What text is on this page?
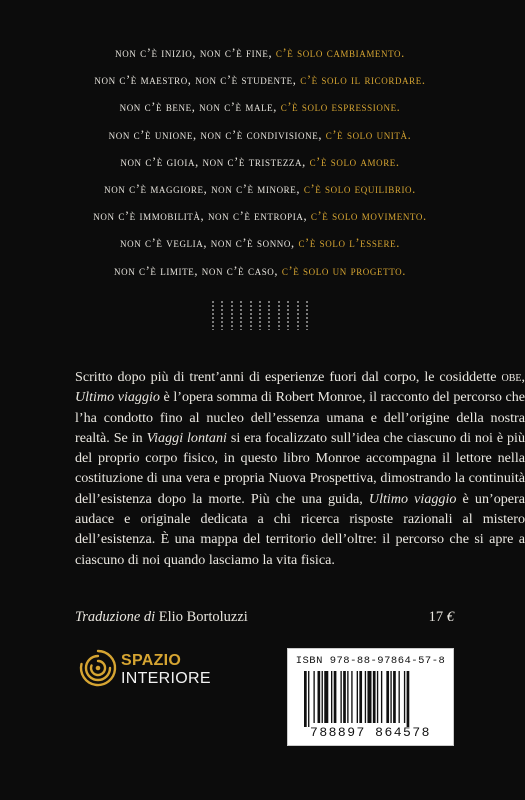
non c’è inizio, non c’è fine, c’è solo cambiamento.
non c’è maestro, non c’è studente, c’è solo il ricordare.
non c’è bene, non c’è male, c’è solo espressione.
non c’è unione, non c’è condivisione, c’è solo unità.
non c’è gioia, non c’è tristezza, c’è solo amore.
non c’è maggiore, non c’è minore, c’è solo equilibrio.
non c’è immobilità, non c’è entropia, c’è solo movimento.
non c’è veglia, non c’è sonno, c’è solo l’essere.
non c’è limite, non c’è caso, c’è solo un progetto.
Scritto dopo più di trent’anni di esperienze fuori dal corpo, le cosiddette obe, Ultimo viaggio è l’opera somma di Robert Monroe, il racconto del percorso che l’ha condotto fino al nucleo dell’essenza umana e dell’origine della nostra realtà. Se in Viaggi lontani si era focalizzato sull’idea che ciascuno di noi è più del proprio corpo fisico, in questo libro Monroe accompagna il lettore nella costituzione di una vera e propria Nuova Prospettiva, dimostrando la continuità dell’esistenza dopo la morte. Più che una guida, Ultimo viaggio è un’opera audace e originale dedicata a chi ricerca risposte razionali al mistero dell’esistenza. È una mappa del territorio dell’oltre: il percorso che si apre a ciascuno di noi quando lasciamo la vita fisica.
Traduzione di Elio Bortoluzzi	17 €
SPAZIO
INTERIORE
ISBN 978-88-97864-57-8
788897 864578
